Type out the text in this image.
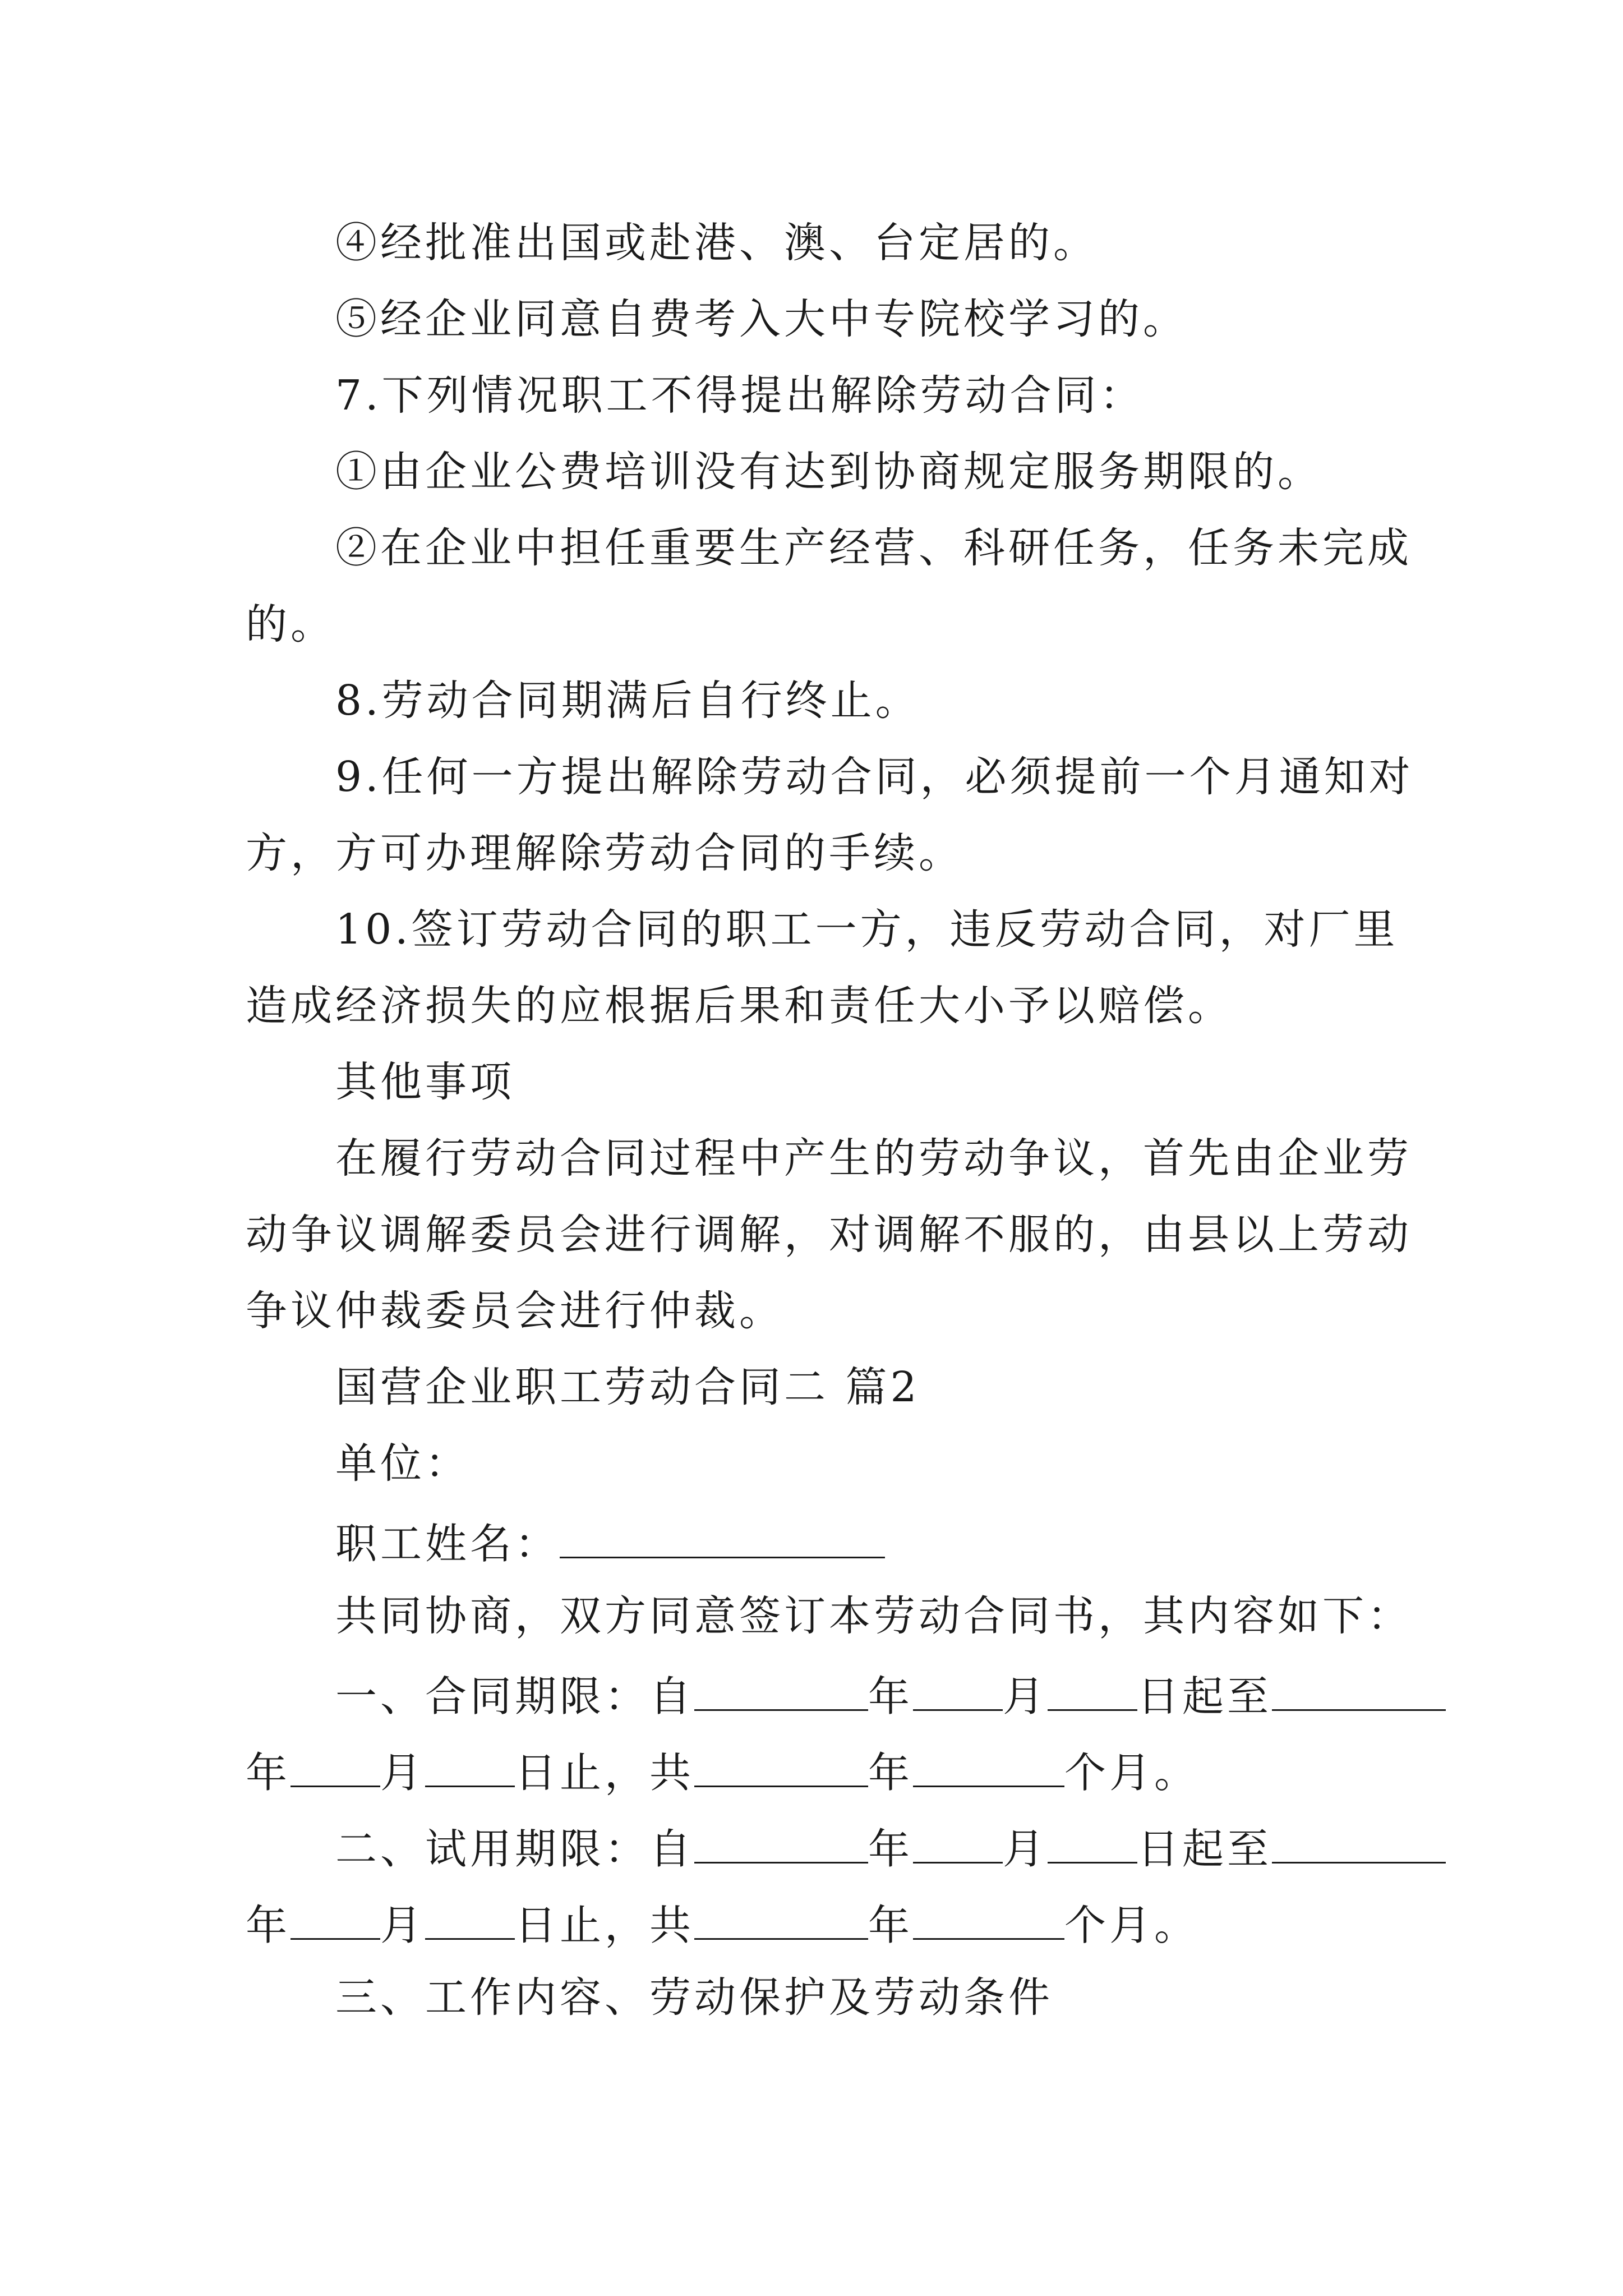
④经批准出国或赴港、澳、台定居的。
⑤经企业同意自费考入大中专院校学习的。
7.下列情况职工不得提出解除劳动合同：
①由企业公费培训没有达到协商规定服务期限的。
②在企业中担任重要生产经营、科研任务，任务未完成
的。
8.劳动合同期满后自行终止。
9.任何一方提出解除劳动合同，必须提前一个月通知对
方，方可办理解除劳动合同的手续。
10.签订劳动合同的职工一方，违反劳动合同，对厂里
造成经济损失的应根据后果和责任大小予以赔偿。
其他事项
在履行劳动合同过程中产生的劳动争议，首先由企业劳
动争议调解委员会进行调解，对调解不服的，由县以上劳动
争议仲裁委员会进行仲裁。
国营企业职工劳动合同二 篇2
单位：
职工姓名：
共同协商，双方同意签订本劳动合同书，其内容如下：
一、合同期限：自	年 月 日起至
年 月 日止，共	年	个月。
二、试用期限：自	年 月 日起至
年 月 日止，共	年	个月。
三、工作内容、劳动保护及劳动条件
